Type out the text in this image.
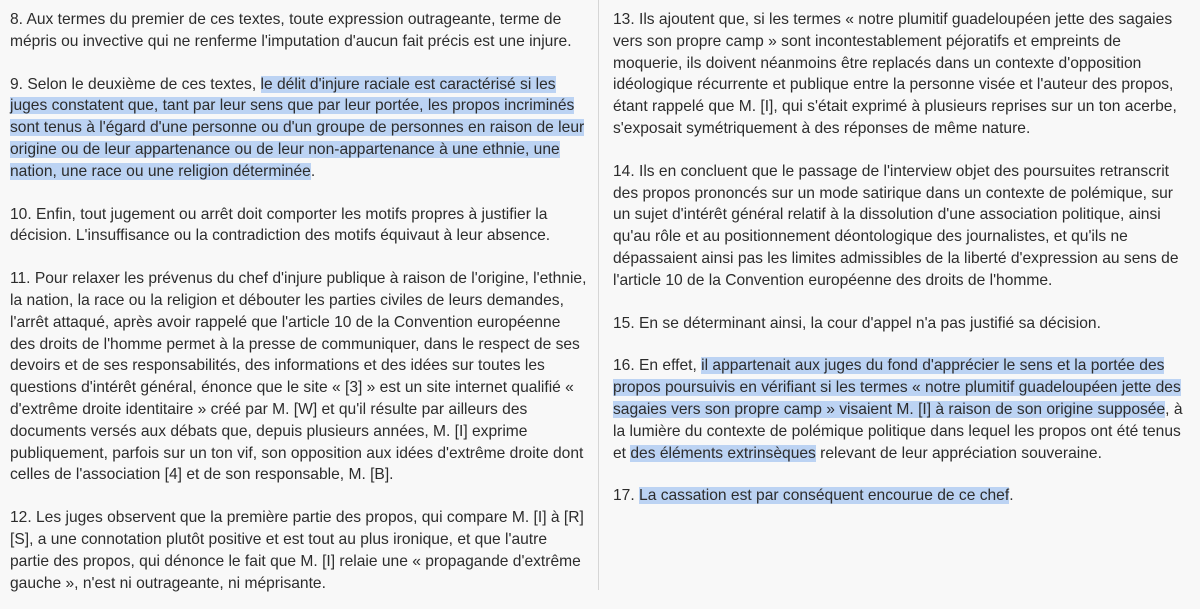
8. Aux termes du premier de ces textes, toute expression outrageante, terme de mépris ou invective qui ne renferme l'imputation d'aucun fait précis est une injure.

9. Selon le deuxième de ces textes, le délit d'injure raciale est caractérisé si les juges constatent que, tant par leur sens que par leur portée, les propos incriminés sont tenus à l'égard d'une personne ou d'un groupe de personnes en raison de leur origine ou de leur appartenance ou de leur non-appartenance à une ethnie, une nation, une race ou une religion déterminée.

10. Enfin, tout jugement ou arrêt doit comporter les motifs propres à justifier la décision. L'insuffisance ou la contradiction des motifs équivaut à leur absence.

11. Pour relaxer les prévenus du chef d'injure publique à raison de l'origine, l'ethnie, la nation, la race ou la religion et débouter les parties civiles de leurs demandes, l'arrêt attaqué, après avoir rappelé que l'article 10 de la Convention européenne des droits de l'homme permet à la presse de communiquer, dans le respect de ses devoirs et de ses responsabilités, des informations et des idées sur toutes les questions d'intérêt général, énonce que le site « [3] » est un site internet qualifié « d'extrême droite identitaire » créé par M. [W] et qu'il résulte par ailleurs des documents versés aux débats que, depuis plusieurs années, M. [I] exprime publiquement, parfois sur un ton vif, son opposition aux idées d'extrême droite dont celles de l'association [4] et de son responsable, M. [B].

12. Les juges observent que la première partie des propos, qui compare M. [I] à [R] [S], a une connotation plutôt positive et est tout au plus ironique, et que l'autre partie des propos, qui dénonce le fait que M. [I] relaie une « propagande d'extrême gauche », n'est ni outrageante, ni méprisante.

13. Ils ajoutent que, si les termes « notre plumitif guadeloupéen jette des sagaies vers son propre camp » sont incontestablement péjoratifs et empreints de moquerie, ils doivent néanmoins être replacés dans un contexte d'opposition idéologique récurrente et publique entre la personne visée et l'auteur des propos, étant rappelé que M. [I], qui s'était exprimé à plusieurs reprises sur un ton acerbe, s'exposait symétriquement à des réponses de même nature.

14. Ils en concluent que le passage de l'interview objet des poursuites retranscrit des propos prononcés sur un mode satirique dans un contexte de polémique, sur un sujet d'intérêt général relatif à la dissolution d'une association politique, ainsi qu'au rôle et au positionnement déontologique des journalistes, et qu'ils ne dépassaient ainsi pas les limites admissibles de la liberté d'expression au sens de l'article 10 de la Convention européenne des droits de l'homme.

15. En se déterminant ainsi, la cour d'appel n'a pas justifié sa décision.

16. En effet, il appartenait aux juges du fond d'apprécier le sens et la portée des propos poursuivis en vérifiant si les termes « notre plumitif guadeloupéen jette des sagaies vers son propre camp » visaient M. [I] à raison de son origine supposée, à la lumière du contexte de polémique politique dans lequel les propos ont été tenus et des éléments extrinsèques relevant de leur appréciation souveraine.

17. La cassation est par conséquent encourue de ce chef.
